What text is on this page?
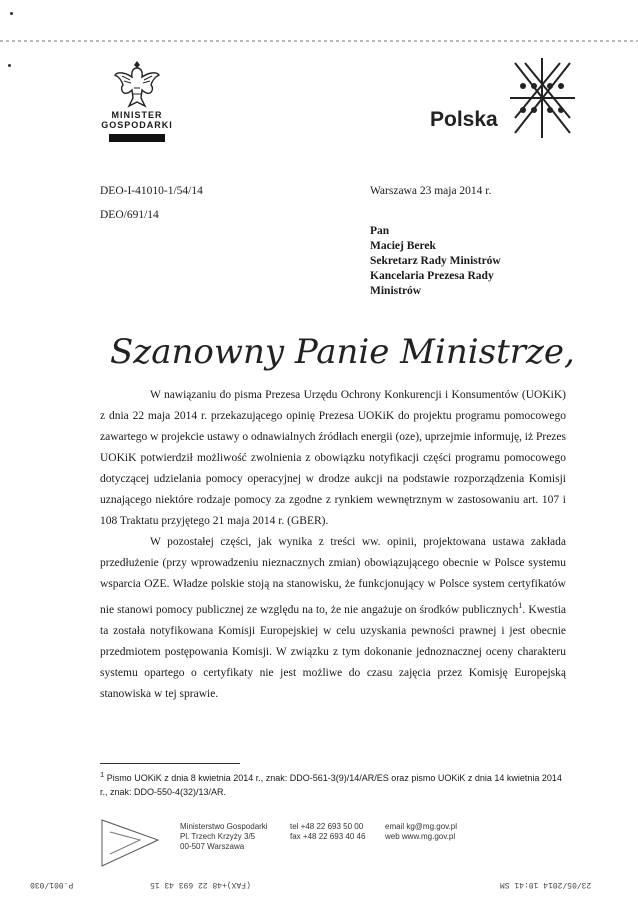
MINISTER
GOSPODARKI	Polska
DEO-I-41010-1/54/14
DEO/691/14
Warszawa 23 maja 2014 r.
Pan
Maciej Berek
Sekretarz Rady Ministrów
Kancelaria Prezesa Rady
Ministrów
Szanowny Panie Ministrze,

W nawiązaniu do pisma Prezesa Urzędu Ochrony Konkurencji i Konsumentów (UOKiK) z dnia 22 maja 2014 r. przekazującego opinię Prezesa UOKiK do projektu programu pomocowego zawartego w projekcie ustawy o odnawialnych źródłach energii (oze), uprzejmie informuję, iż Prezes UOKiK potwierdził możliwość zwolnienia z obowiązku notyfikacji części programu pomocowego dotyczącej udzielania pomocy operacyjnej w drodze aukcji na podstawie rozporządzenia Komisji uznającego niektóre rodzaje pomocy za zgodne z rynkiem wewnętrznym w zastosowaniu art. 107 i 108 Traktatu przyjętego 21 maja 2014 r. (GBER).

W pozostałej części, jak wynika z treści ww. opinii, projektowana ustawa zakłada przedłużenie (przy wprowadzeniu nieznacznych zmian) obowiązującego obecnie w Polsce systemu wsparcia OZE. Władze polskie stoją na stanowisku, że funkcjonujący w Polsce system certyfikatów nie stanowi pomocy publicznej ze względu na to, że nie angażuje on środków publicznych$^1$. Kwestia ta została notyfikowana Komisji Europejskiej w celu uzyskania pewności prawnej i jest obecnie przedmiotem postępowania Komisji. W związku z tym dokonanie jednoznacznej oceny charakteru systemu opartego o certyfikaty nie jest możliwe do czasu zajęcia przez Komisję Europejską stanowiska w tej sprawie.

$^1$ Pismo UOKiK z dnia 8 kwietnia 2014 r., znak: DDO-561-3(9)/14/AR/ES oraz pismo UOKiK z dnia 14 kwietnia 2014 r., znak: DDO-550-4(32)/13/AR.
Ministerstwo Gospodarki
Pl. Trzech Krzyży 3/5
00-507 Warszawa
tel +48 22 693 50 00
fax +48 22 693 40 46
email kg@mg.gov.pl
web www.mg.gov.pl
P.001/030	(FAX)+48 22 693 43 15	23/05/2014 10:41 SM
